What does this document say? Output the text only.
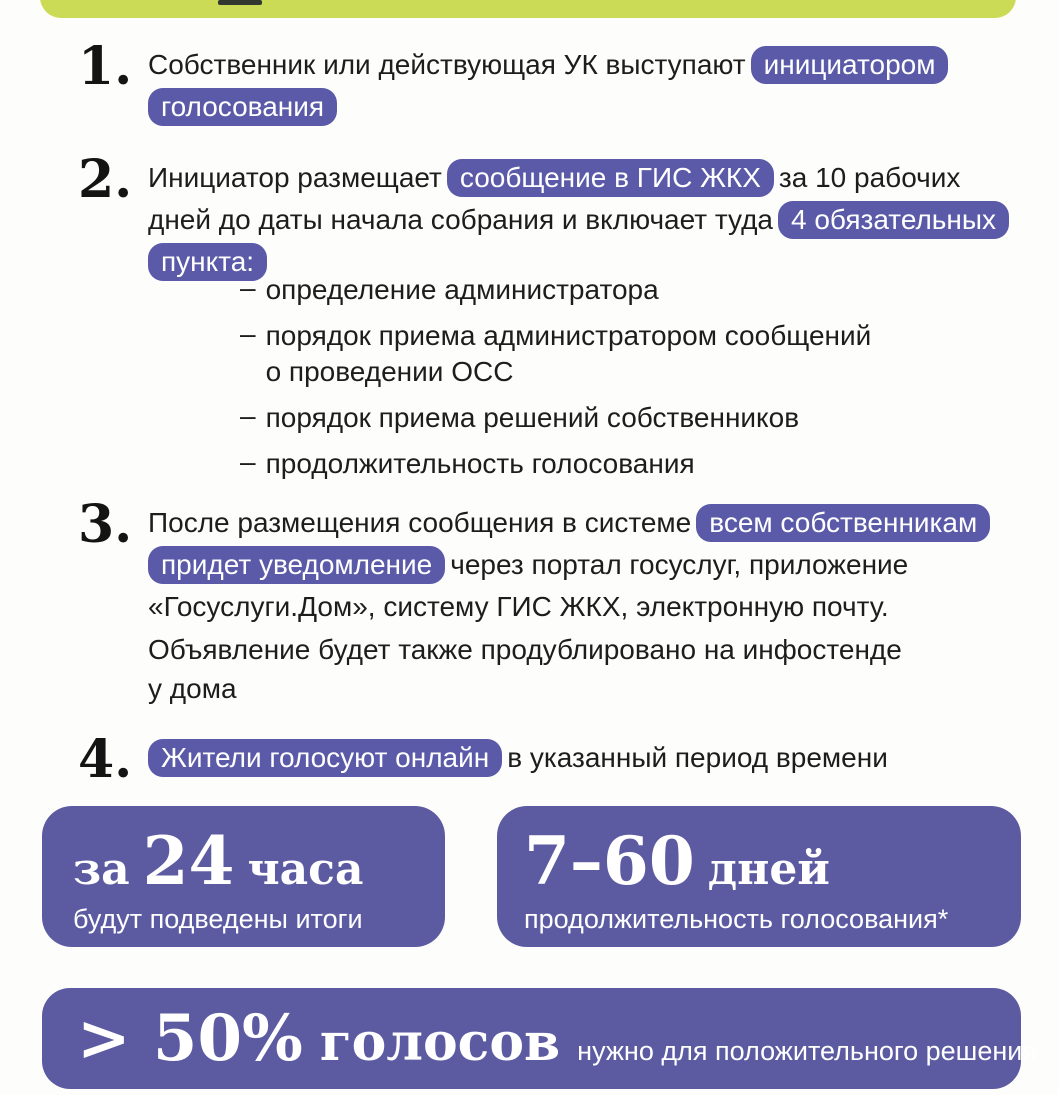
1. Собственник или действующая УК выступают инициатором
голосования
2. Инициатор размещает сообщение в ГИС ЖКХ за 10 рабочих
дней до даты начала собрания и включает туда 4 обязательных
пункта:
– определение администратора
– порядок приема администратором сообщений
о проведении ОСС
– порядок приема решений собственников
– продолжительность голосования
3. После размещения сообщения в системе всем собственникам
придет уведомление через портал госуслуг, приложение
«Госуслуги.Дом», систему ГИС ЖКХ, электронную почту.
Объявление будет также продублировано на инфостенде
у дома
4.	Жители голосуют онлайн в указанный период времени
за 24 часа
будут подведены итоги
7–60 дней
продолжительность голосования*
> 50% голосов нужно для положительного решения
